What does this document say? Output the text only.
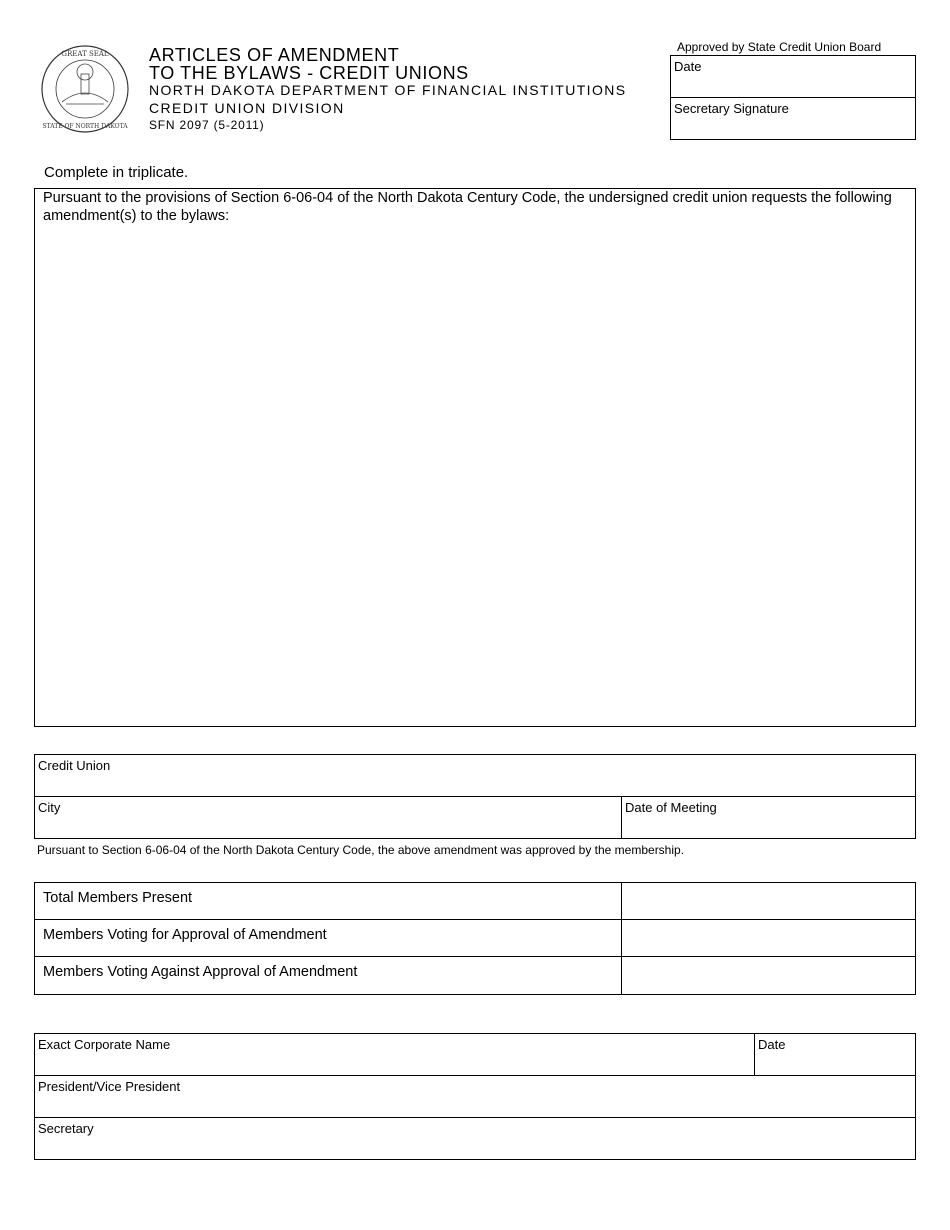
GREAT SEAL
STATE OF NORTH DAKOTA
ARTICLES OF AMENDMENT
TO THE BYLAWS - CREDIT UNIONS
NORTH DAKOTA DEPARTMENT OF FINANCIAL INSTITUTIONS
CREDIT UNION DIVISION
SFN 2097 (5-2011)
Approved by State Credit Union Board
Date
Secretary Signature
Complete in triplicate.
Pursuant to the provisions of Section 6-06-04 of the North Dakota Century Code, the undersigned credit union requests the following amendment(s) to the bylaws:
Credit Union
City	Date of Meeting
Pursuant to Section 6-06-04 of the North Dakota Century Code, the above amendment was approved by the membership.
Total Members Present
Members Voting for Approval of Amendment
Members Voting Against Approval of Amendment
Exact Corporate Name	Date
President/Vice President
Secretary
